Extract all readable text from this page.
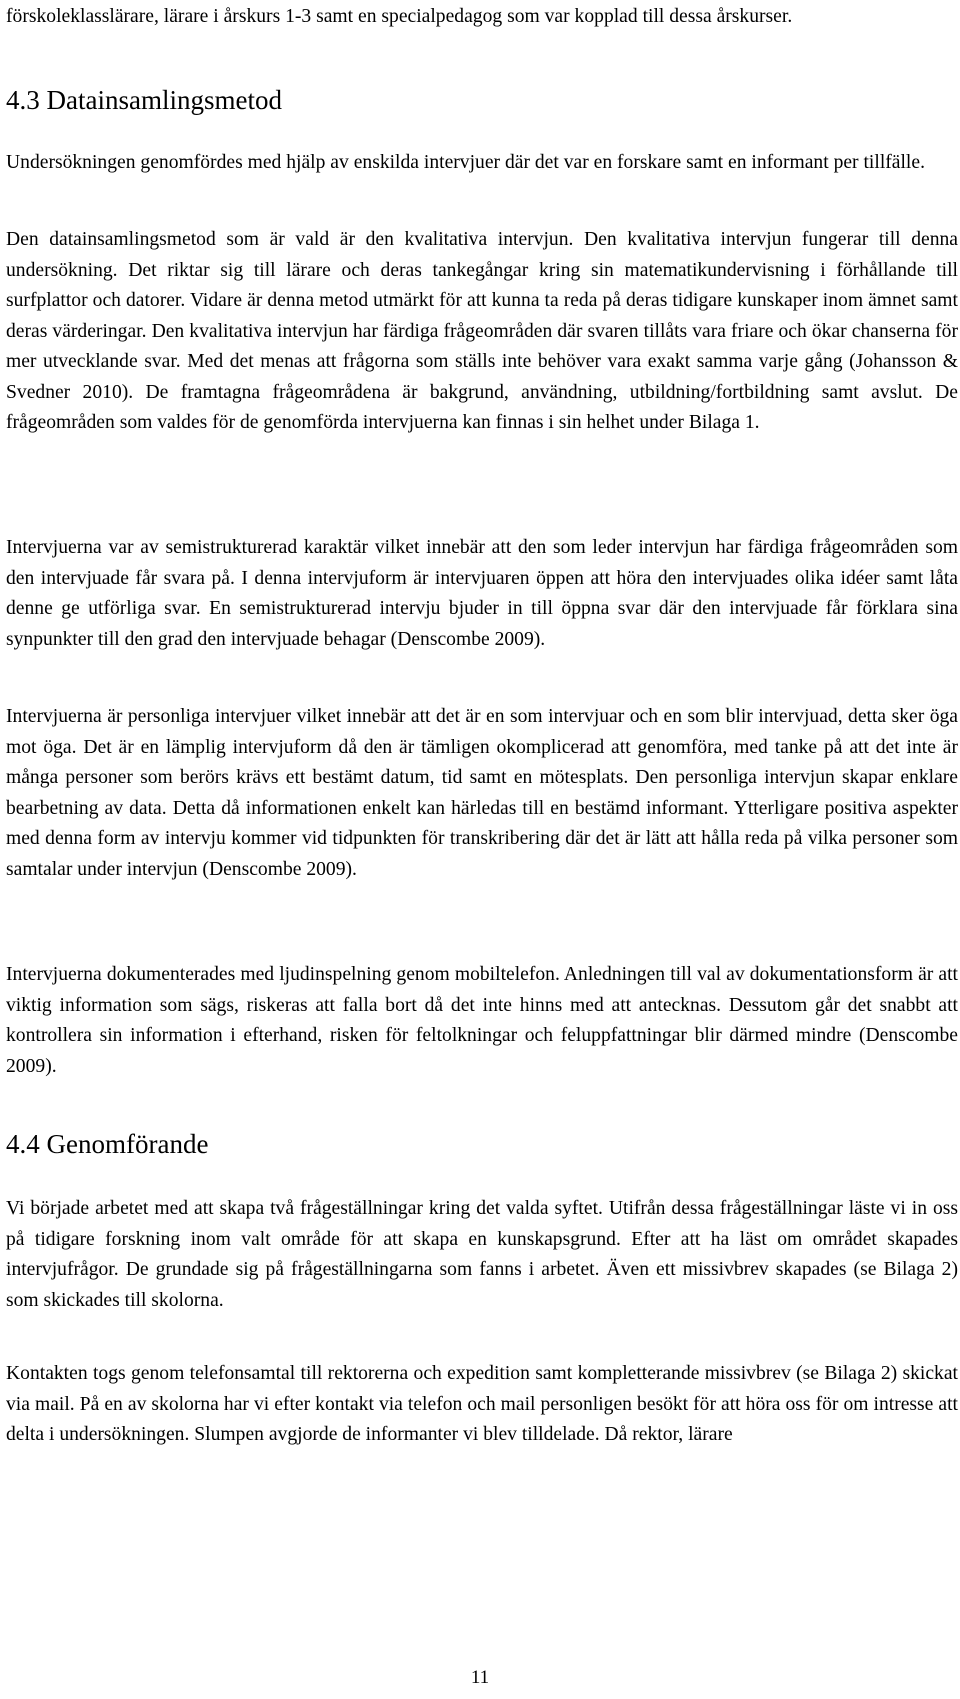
förskoleklasslärare, lärare i årskurs 1-3 samt en specialpedagog som var kopplad till dessa årskurser.

4.3 Datainsamlingsmetod

Undersökningen genomfördes med hjälp av enskilda intervjuer där det var en forskare samt en informant per tillfälle.

Den datainsamlingsmetod som är vald är den kvalitativa intervjun. Den kvalitativa intervjun fungerar till denna undersökning. Det riktar sig till lärare och deras tankegångar kring sin matematikundervisning i förhållande till surfplattor och datorer. Vidare är denna metod utmärkt för att kunna ta reda på deras tidigare kunskaper inom ämnet samt deras värderingar. Den kvalitativa intervjun har färdiga frågeområden där svaren tillåts vara friare och ökar chanserna för mer utvecklande svar. Med det menas att frågorna som ställs inte behöver vara exakt samma varje gång (Johansson & Svedner 2010). De framtagna frågeområdena är bakgrund, användning, utbildning/fortbildning samt avslut. De frågeområden som valdes för de genomförda intervjuerna kan finnas i sin helhet under Bilaga 1.

Intervjuerna var av semistrukturerad karaktär vilket innebär att den som leder intervjun har färdiga frågeområden som den intervjuade får svara på. I denna intervjuform är intervjuaren öppen att höra den intervjuades olika idéer samt låta denne ge utförliga svar. En semistrukturerad intervju bjuder in till öppna svar där den intervjuade får förklara sina synpunkter till den grad den intervjuade behagar (Denscombe 2009).

Intervjuerna är personliga intervjuer vilket innebär att det är en som intervjuar och en som blir intervjuad, detta sker öga mot öga. Det är en lämplig intervjuform då den är tämligen okomplicerad att genomföra, med tanke på att det inte är många personer som berörs krävs ett bestämt datum, tid samt en mötesplats. Den personliga intervjun skapar enklare bearbetning av data. Detta då informationen enkelt kan härledas till en bestämd informant. Ytterligare positiva aspekter med denna form av intervju kommer vid tidpunkten för transkribering där det är lätt att hålla reda på vilka personer som samtalar under intervjun (Denscombe 2009).

Intervjuerna dokumenterades med ljudinspelning genom mobiltelefon. Anledningen till val av dokumentationsform är att viktig information som sägs, riskeras att falla bort då det inte hinns med att antecknas. Dessutom går det snabbt att kontrollera sin information i efterhand, risken för feltolkningar och feluppfattningar blir därmed mindre (Denscombe 2009).

4.4 Genomförande

Vi började arbetet med att skapa två frågeställningar kring det valda syftet. Utifrån dessa frågeställningar läste vi in oss på tidigare forskning inom valt område för att skapa en kunskapsgrund. Efter att ha läst om området skapades intervjufrågor. De grundade sig på frågeställningarna som fanns i arbetet. Även ett missivbrev skapades (se Bilaga 2) som skickades till skolorna.

Kontakten togs genom telefonsamtal till rektorerna och expedition samt kompletterande missivbrev (se Bilaga 2) skickat via mail. På en av skolorna har vi efter kontakt via telefon och mail personligen besökt för att höra oss för om intresse att delta i undersökningen. Slumpen avgjorde de informanter vi blev tilldelade. Då rektor, lärare

11
